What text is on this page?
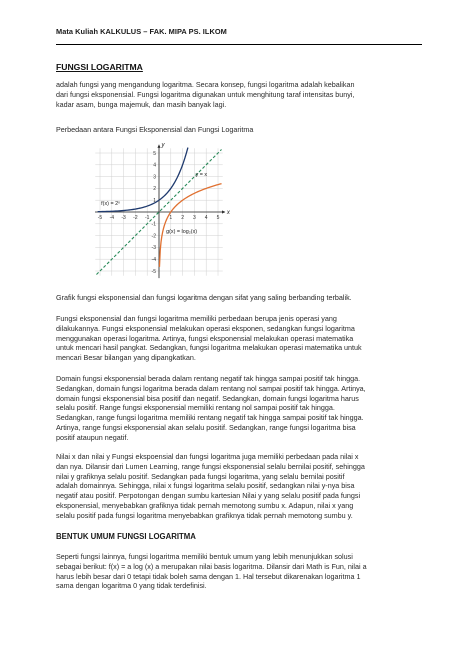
Mata Kuliah KALKULUS – FAK. MIPA PS. ILKOM
FUNGSI LOGARITMA
adalah fungsi yang mengandung logaritma. Secara konsep, fungsi logaritma adalah kebalikan
dari fungsi eksponensial. Fungsi logaritma digunakan untuk menghitung taraf intensitas bunyi,
kadar asam, bunga majemuk, dan masih banyak lagi.
Perbedaan antara Fungsi Eksponensial dan Fungsi Logaritma
-5 -4 -3 -2 -1	1 2 3 4 5
5
4
3
2
1
-1
-2
-3
-4
-5
x
y
f(x) = 2ˣ
y = x
g(x) = log₂(x)
Grafik fungsi eksponensial dan fungsi logaritma dengan sifat yang saling berbanding terbalik.
Fungsi eksponensial dan fungsi logaritma memiliki perbedaan berupa jenis operasi yang
dilakukannya. Fungsi eksponensial melakukan operasi eksponen, sedangkan fungsi logaritma
menggunakan operasi logaritma. Artinya, fungsi eksponensial melakukan operasi matematika
untuk mencari hasil pangkat. Sedangkan, fungsi logaritma melakukan operasi matematika untuk
mencari Besar bilangan yang dipangkatkan.
Domain fungsi eksponensial berada dalam rentang negatif tak hingga sampai positif tak hingga.
Sedangkan, domain fungsi logaritma berada dalam rentang nol sampai positif tak hingga. Artinya,
domain fungsi eksponensial bisa positif dan negatif. Sedangkan, domain fungsi logaritma harus
selalu positif. Range fungsi eksponensial memiliki rentang nol sampai positif tak hingga.
Sedangkan, range fungsi logaritma memiliki rentang negatif tak hingga sampai positif tak hingga.
Artinya, range fungsi eksponensial akan selalu positif. Sedangkan, range fungsi logaritma bisa
positif ataupun negatif.
Nilai x dan nilai y Fungsi ekspoensial dan fungsi logaritma juga memiliki perbedaan pada nilai x
dan nya. Dilansir dari Lumen Learning, range fungsi eksponensial selalu bernilai positif, sehingga
nilai y grafiknya selalu positif. Sedangkan pada fungsi logaritma, yang selalu bernilai positif
adalah domainnya. Sehingga, nilai x fungsi logaritma selalu positif, sedangkan nilai y-nya bisa
negatif atau positif. Perpotongan dengan sumbu kartesian Nilai y yang selalu positif pada fungsi
eksponensial, menyebabkan grafiknya tidak pernah memotong sumbu x. Adapun, nilai x yang
selalu positif pada fungsi logaritma menyebabkan grafiknya tidak pernah memotong sumbu y.
BENTUK UMUM FUNGSI LOGARITMA
Seperti fungsi lainnya, fungsi logaritma memiliki bentuk umum yang lebih menunjukkan solusi
sebagai berikut: f(x) = a log (x) a merupakan nilai basis logaritma. Dilansir dari Math is Fun, nilai a
harus lebih besar dari 0 tetapi tidak boleh sama dengan 1. Hal tersebut dikarenakan logaritma 1
sama dengan logaritma 0 yang tidak terdefinisi.
